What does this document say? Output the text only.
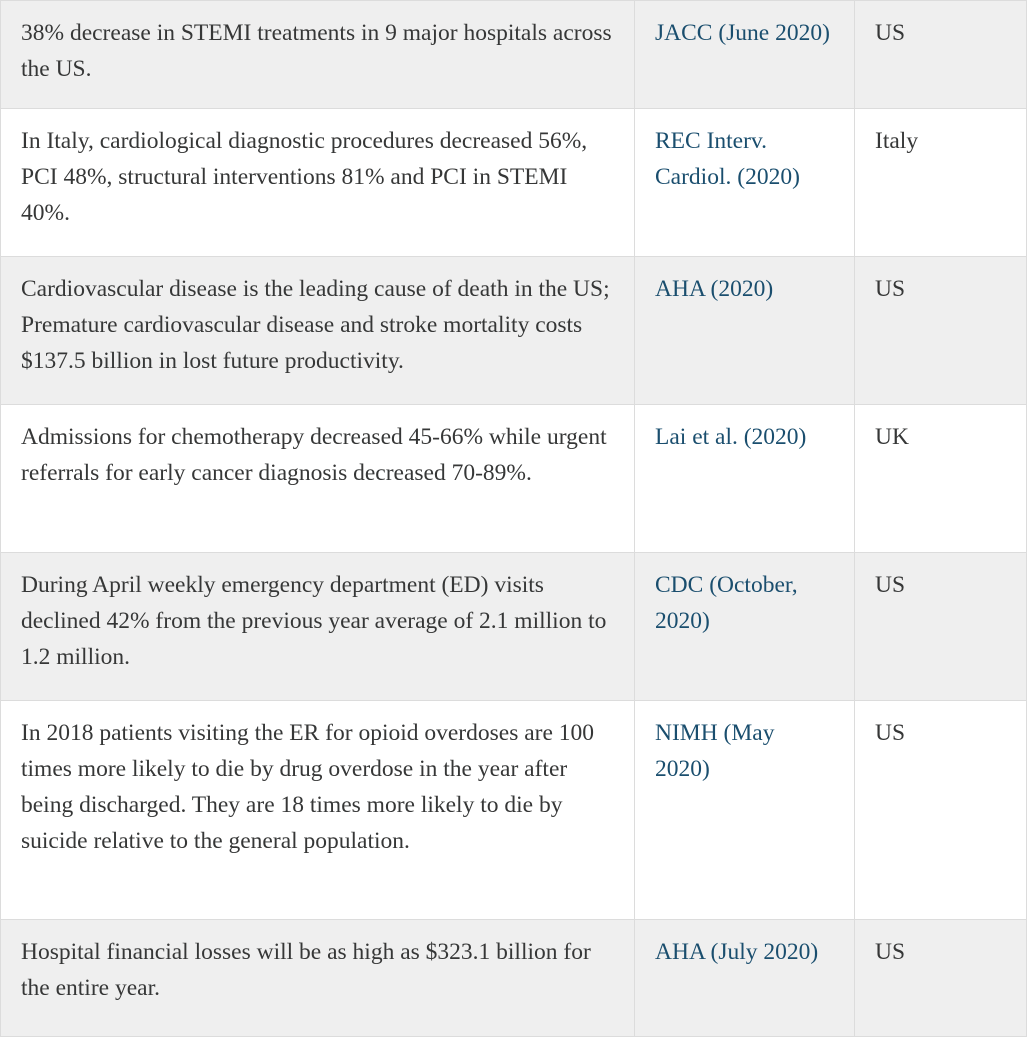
38% decrease in STEMI treatments in 9 major hospitals across the US.	JACC (June 2020)	US
In Italy, cardiological diagnostic procedures decreased 56%, PCI 48%, structural interventions 81% and PCI in STEMI 40%.	REC Interv. Cardiol. (2020)	Italy
Cardiovascular disease is the leading cause of death in the US; Premature cardiovascular disease and stroke mortality costs $137.5 billion in lost future productivity.	AHA (2020)	US
Admissions for chemotherapy decreased 45-66% while urgent referrals for early cancer diagnosis decreased 70-89%.	Lai et al. (2020)	UK
During April weekly emergency department (ED) visits declined 42% from the previous year average of 2.1 million to 1.2 million.	CDC (October, 2020)	US
In 2018 patients visiting the ER for opioid overdoses are 100 times more likely to die by drug overdose in the year after being discharged. They are 18 times more likely to die by suicide relative to the general population.	NIMH (May 2020)	US
Hospital financial losses will be as high as $323.1 billion for the entire year.	AHA (July 2020)	US
